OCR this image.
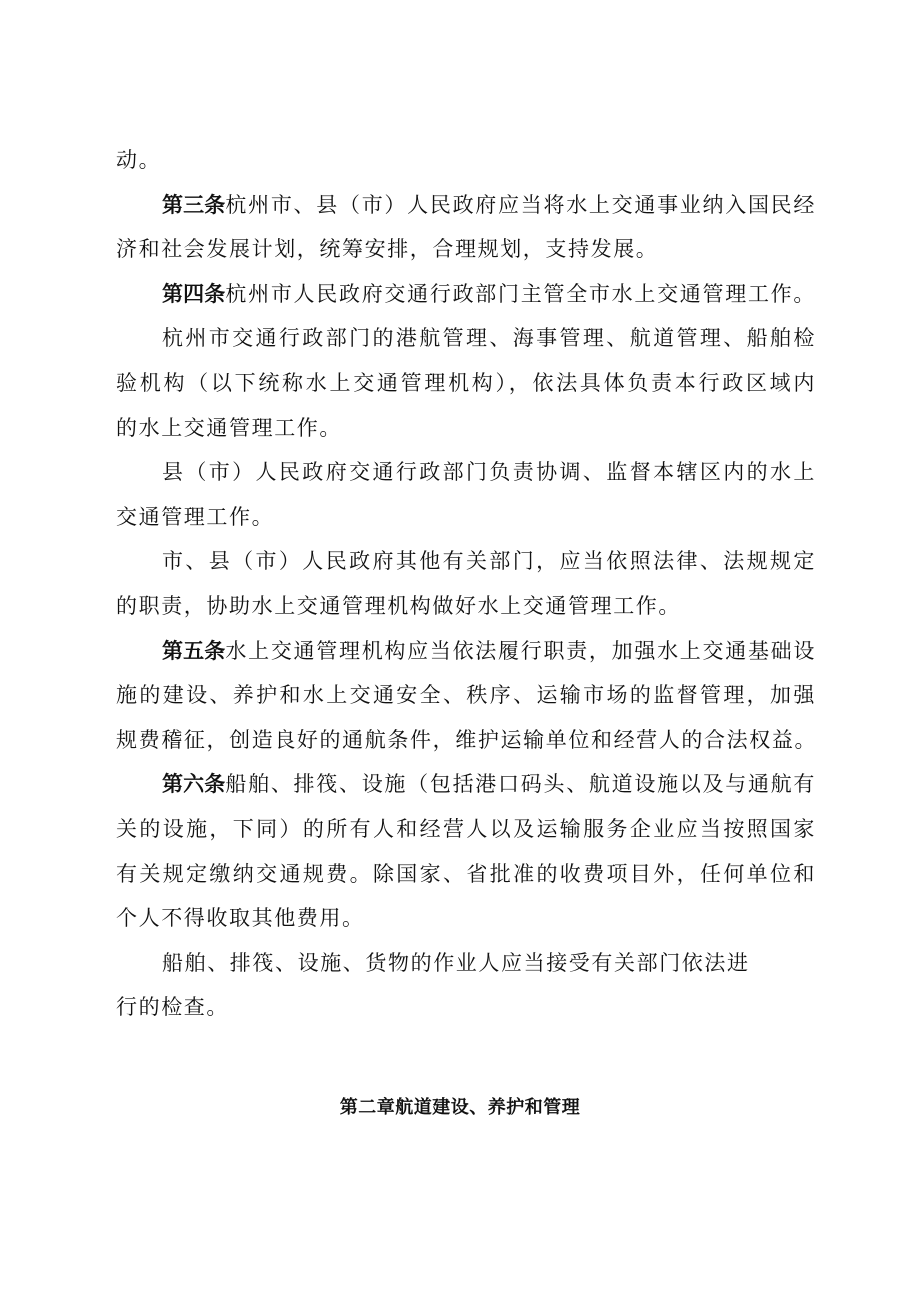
动。
第三条杭州市、县（市）人民政府应当将水上交通事业纳入国民经
济和社会发展计划，统筹安排，合理规划，支持发展。
第四条杭州市人民政府交通行政部门主管全市水上交通管理工作。
杭州市交通行政部门的港航管理、海事管理、航道管理、船舶检
验机构（以下统称水上交通管理机构），依法具体负责本行政区域内
的水上交通管理工作。
县（市）人民政府交通行政部门负责协调、监督本辖区内的水上
交通管理工作。
市、县（市）人民政府其他有关部门，应当依照法律、法规规定
的职责，协助水上交通管理机构做好水上交通管理工作。
第五条水上交通管理机构应当依法履行职责，加强水上交通基础设
施的建设、养护和水上交通安全、秩序、运输市场的监督管理，加强
规费稽征，创造良好的通航条件，维护运输单位和经营人的合法权益。
第六条船舶、排筏、设施（包括港口码头、航道设施以及与通航有
关的设施，下同）的所有人和经营人以及运输服务企业应当按照国家
有关规定缴纳交通规费。除国家、省批准的收费项目外，任何单位和
个人不得收取其他费用。
船舶、排筏、设施、货物的作业人应当接受有关部门依法进
行的检查。
第二章航道建设、养护和管理
